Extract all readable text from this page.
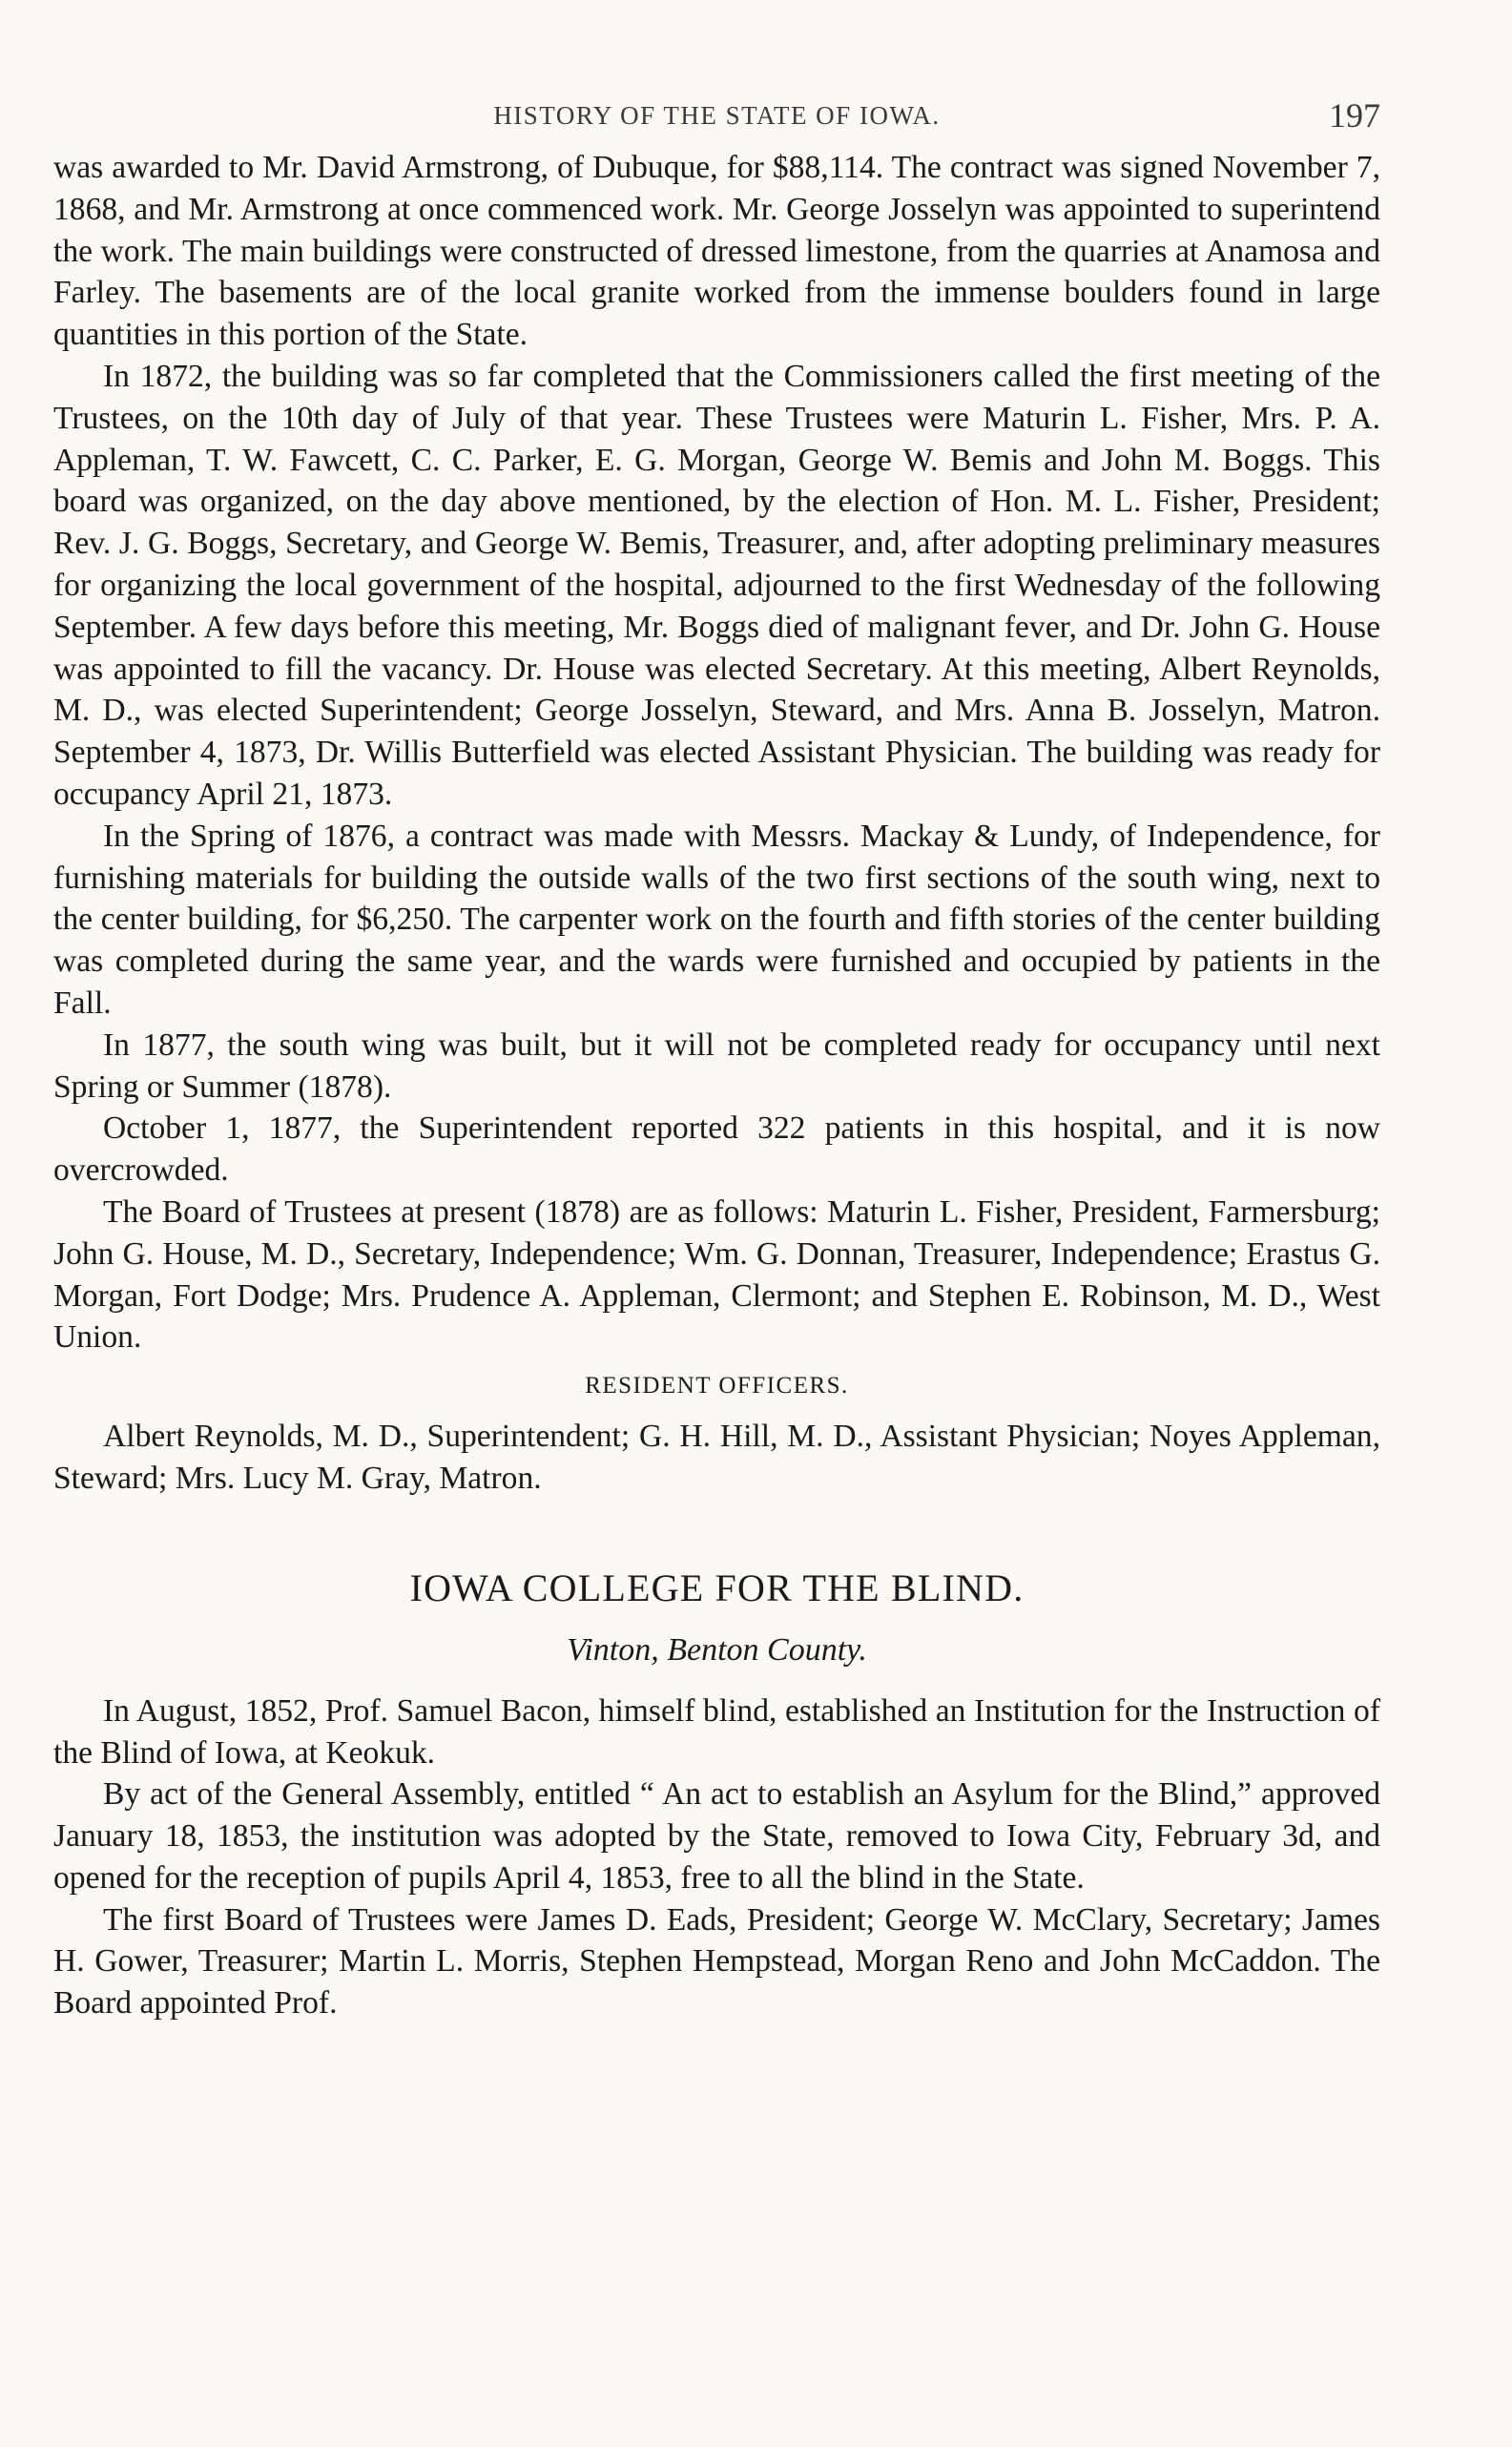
HISTORY OF THE STATE OF IOWA.	197

was awarded to Mr. David Armstrong, of Dubuque, for $88,114. The contract was signed November 7, 1868, and Mr. Armstrong at once commenced work. Mr. George Josselyn was appointed to superintend the work. The main buildings were constructed of dressed limestone, from the quarries at Anamosa and Farley. The basements are of the local granite worked from the immense boulders found in large quantities in this portion of the State.

In 1872, the building was so far completed that the Commissioners called the first meeting of the Trustees, on the 10th day of July of that year. These Trustees were Maturin L. Fisher, Mrs. P. A. Appleman, T. W. Fawcett, C. C. Parker, E. G. Morgan, George W. Bemis and John M. Boggs. This board was organized, on the day above mentioned, by the election of Hon. M. L. Fisher, President; Rev. J. G. Boggs, Secretary, and George W. Bemis, Treasurer, and, after adopting preliminary measures for organizing the local government of the hospital, adjourned to the first Wednesday of the following September. A few days before this meeting, Mr. Boggs died of malignant fever, and Dr. John G. House was appointed to fill the vacancy. Dr. House was elected Secretary. At this meeting, Albert Reynolds, M. D., was elected Superintendent; George Josselyn, Steward, and Mrs. Anna B. Josselyn, Matron. September 4, 1873, Dr. Willis Butterfield was elected Assistant Physician. The building was ready for occupancy April 21, 1873.

In the Spring of 1876, a contract was made with Messrs. Mackay & Lundy, of Independence, for furnishing materials for building the outside walls of the two first sections of the south wing, next to the center building, for $6,250. The carpenter work on the fourth and fifth stories of the center building was completed during the same year, and the wards were furnished and occupied by patients in the Fall.

In 1877, the south wing was built, but it will not be completed ready for occupancy until next Spring or Summer (1878).

October 1, 1877, the Superintendent reported 322 patients in this hospital, and it is now overcrowded.

The Board of Trustees at present (1878) are as follows: Maturin L. Fisher, President, Farmersburg; John G. House, M. D., Secretary, Independence; Wm. G. Donnan, Treasurer, Independence; Erastus G. Morgan, Fort Dodge; Mrs. Prudence A. Appleman, Clermont; and Stephen E. Robinson, M. D., West Union.

RESIDENT OFFICERS.

Albert Reynolds, M. D., Superintendent; G. H. Hill, M. D., Assistant Physician; Noyes Appleman, Steward; Mrs. Lucy M. Gray, Matron.

IOWA COLLEGE FOR THE BLIND.
Vinton, Benton County.

In August, 1852, Prof. Samuel Bacon, himself blind, established an Institution for the Instruction of the Blind of Iowa, at Keokuk.

By act of the General Assembly, entitled “ An act to establish an Asylum for the Blind,” approved January 18, 1853, the institution was adopted by the State, removed to Iowa City, February 3d, and opened for the reception of pupils April 4, 1853, free to all the blind in the State.

The first Board of Trustees were James D. Eads, President; George W. McClary, Secretary; James H. Gower, Treasurer; Martin L. Morris, Stephen Hempstead, Morgan Reno and John McCaddon. The Board appointed Prof.
